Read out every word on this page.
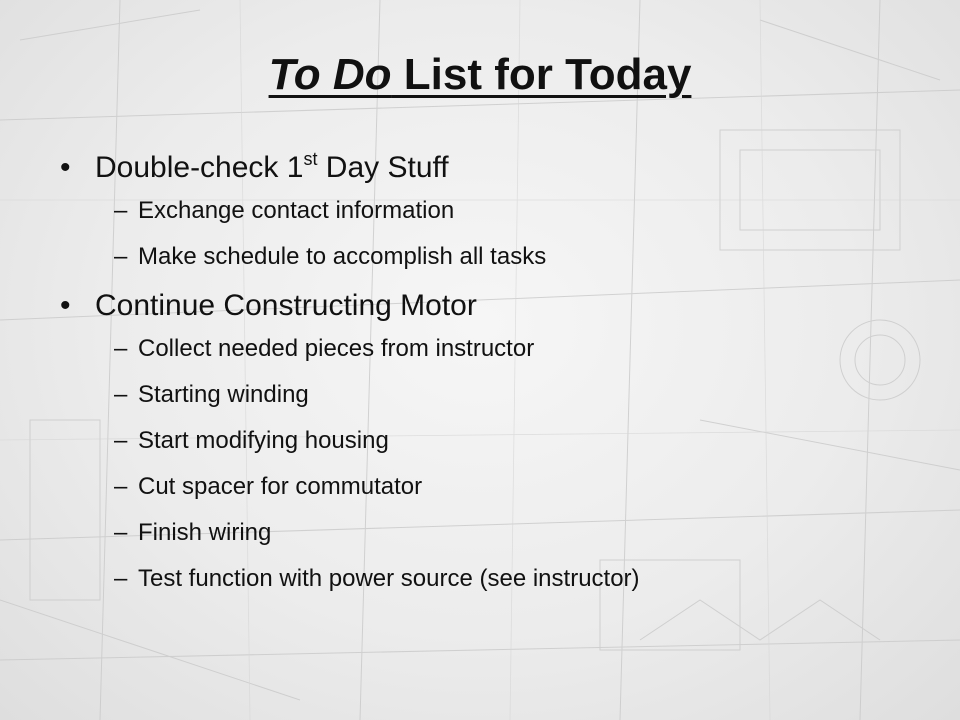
To Do List for Today
• Double-check 1st Day Stuff
– Exchange contact information
– Make schedule to accomplish all tasks
• Continue Constructing Motor
– Collect needed pieces from instructor
– Starting winding
– Start modifying housing
– Cut spacer for commutator
– Finish wiring
– Test function with power source (see instructor)
